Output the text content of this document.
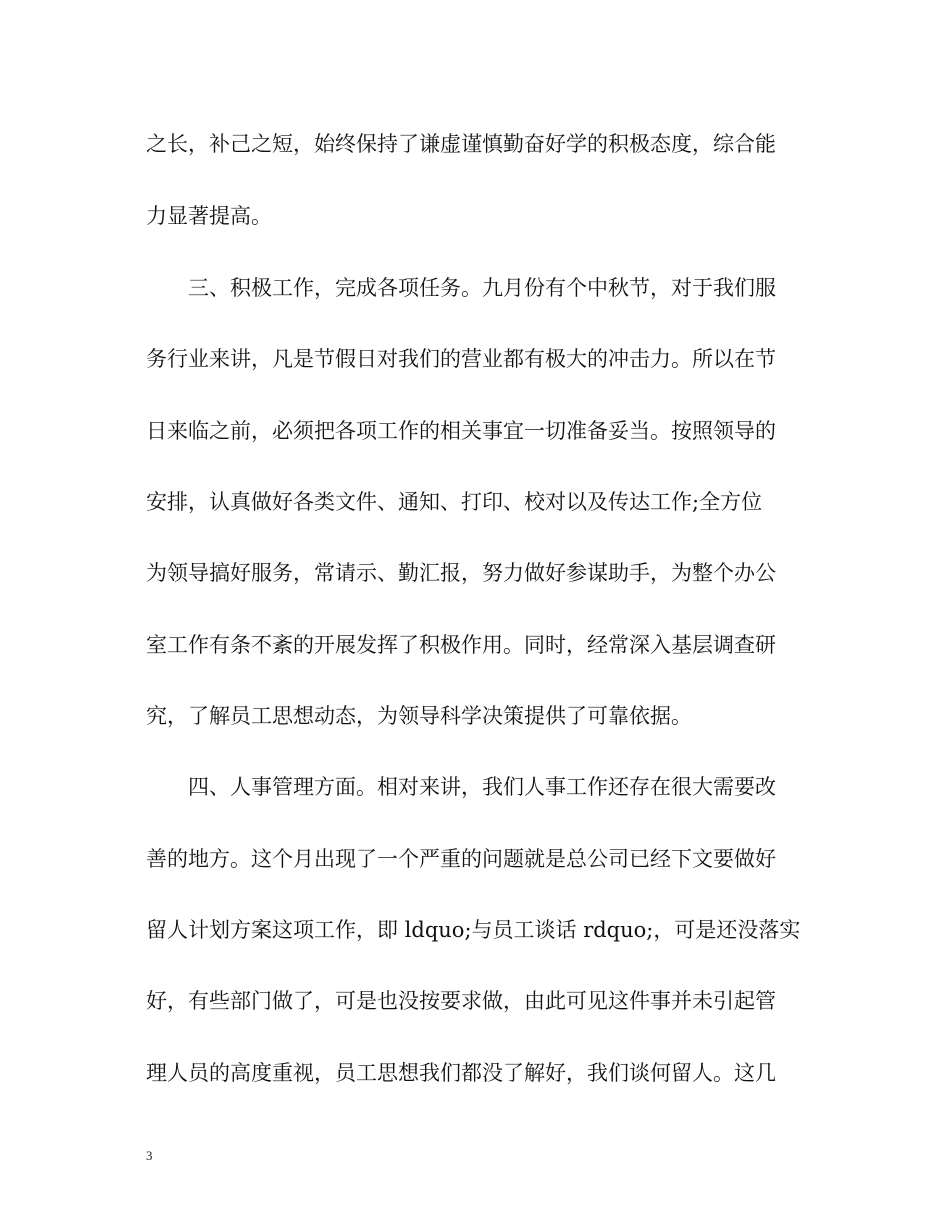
之长，补己之短，始终保持了谦虚谨慎勤奋好学的积极态度，综合能
力显著提高。
三、积极工作，完成各项任务。九月份有个中秋节，对于我们服
务行业来讲，凡是节假日对我们的营业都有极大的冲击力。所以在节
日来临之前，必须把各项工作的相关事宜一切准备妥当。按照领导的
安排，认真做好各类文件、通知、打印、校对以及传达工作;全方位
为领导搞好服务，常请示、勤汇报，努力做好参谋助手，为整个办公
室工作有条不紊的开展发挥了积极作用。同时，经常深入基层调查研
究，了解员工思想动态，为领导科学决策提供了可靠依据。
四、人事管理方面。相对来讲，我们人事工作还存在很大需要改
善的地方。这个月出现了一个严重的问题就是总公司已经下文要做好
留人计划方案这项工作，即 ldquo;与员工谈话 rdquo;，可是还没落实
好，有些部门做了，可是也没按要求做，由此可见这件事并未引起管
理人员的高度重视，员工思想我们都没了解好，我们谈何留人。这几
3
